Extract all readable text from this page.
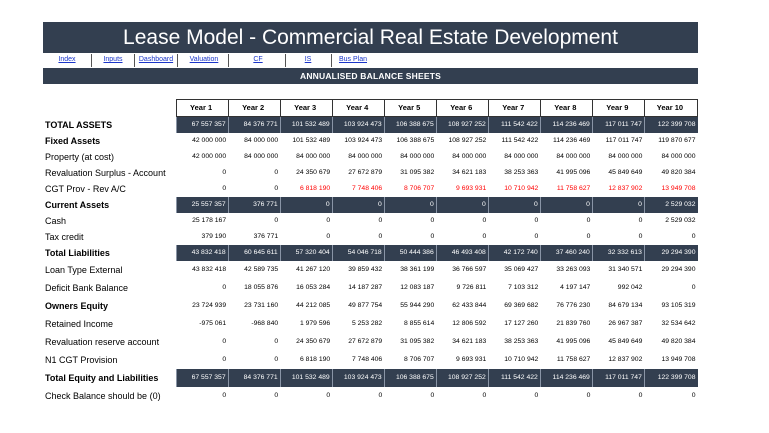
Lease Model - Commercial Real Estate Development
Index	Inputs	Dashboard	Valuation	CF	IS	Bus Plan
ANNUALISED BALANCE SHEETS
	Year 1	Year 2	Year 3	Year 4	Year 5	Year 6	Year 7	Year 8	Year 9	Year 10
TOTAL ASSETS	67 557 357	84 376 771	101 532 489	103 924 473	106 388 675	108 927 252	111 542 422	114 236 469	117 011 747	122 399 708
Fixed Assets	42 000 000	84 000 000	101 532 489	103 924 473	106 388 675	108 927 252	111 542 422	114 236 469	117 011 747	119 870 677
Property (at cost)	42 000 000	84 000 000	84 000 000	84 000 000	84 000 000	84 000 000	84 000 000	84 000 000	84 000 000	84 000 000
Revaluation Surplus - Account	0	0	24 350 679	27 672 879	31 095 382	34 621 183	38 253 363	41 995 096	45 849 649	49 820 384
CGT Prov - Rev A/C	0	0	6 818 190	7 748 406	8 706 707	9 693 931	10 710 942	11 758 627	12 837 902	13 949 708
Current Assets	25 557 357	376 771	0	0	0	0	0	0	0	2 529 032
Cash	25 178 167	0	0	0	0	0	0	0	0	2 529 032
Tax credit	379 190	376 771	0	0	0	0	0	0	0	0
Total Liabilities	43 832 418	60 645 611	57 320 404	54 046 718	50 444 386	46 493 408	42 172 740	37 460 240	32 332 613	29 294 390
Loan Type External	43 832 418	42 589 735	41 267 120	39 859 432	38 361 199	36 766 597	35 069 427	33 263 093	31 340 571	29 294 390
Deficit Bank Balance	0	18 055 876	16 053 284	14 187 287	12 083 187	9 726 811	7 103 312	4 197 147	992 042	0
Owners Equity	23 724 939	23 731 160	44 212 085	49 877 754	55 944 290	62 433 844	69 369 682	76 776 230	84 679 134	93 105 319
Retained Income	-975 061	-968 840	1 979 596	5 253 282	8 855 614	12 806 592	17 127 260	21 839 760	26 967 387	32 534 642
Revaluation reserve account	0	0	24 350 679	27 672 879	31 095 382	34 621 183	38 253 363	41 995 096	45 849 649	49 820 384
N1 CGT Provision	0	0	6 818 190	7 748 406	8 706 707	9 693 931	10 710 942	11 758 627	12 837 902	13 949 708
Total Equity and Liabilities	67 557 357	84 376 771	101 532 489	103 924 473	106 388 675	108 927 252	111 542 422	114 236 469	117 011 747	122 399 708
Check Balance should be (0)	0	0	0	0	0	0	0	0	0	0
